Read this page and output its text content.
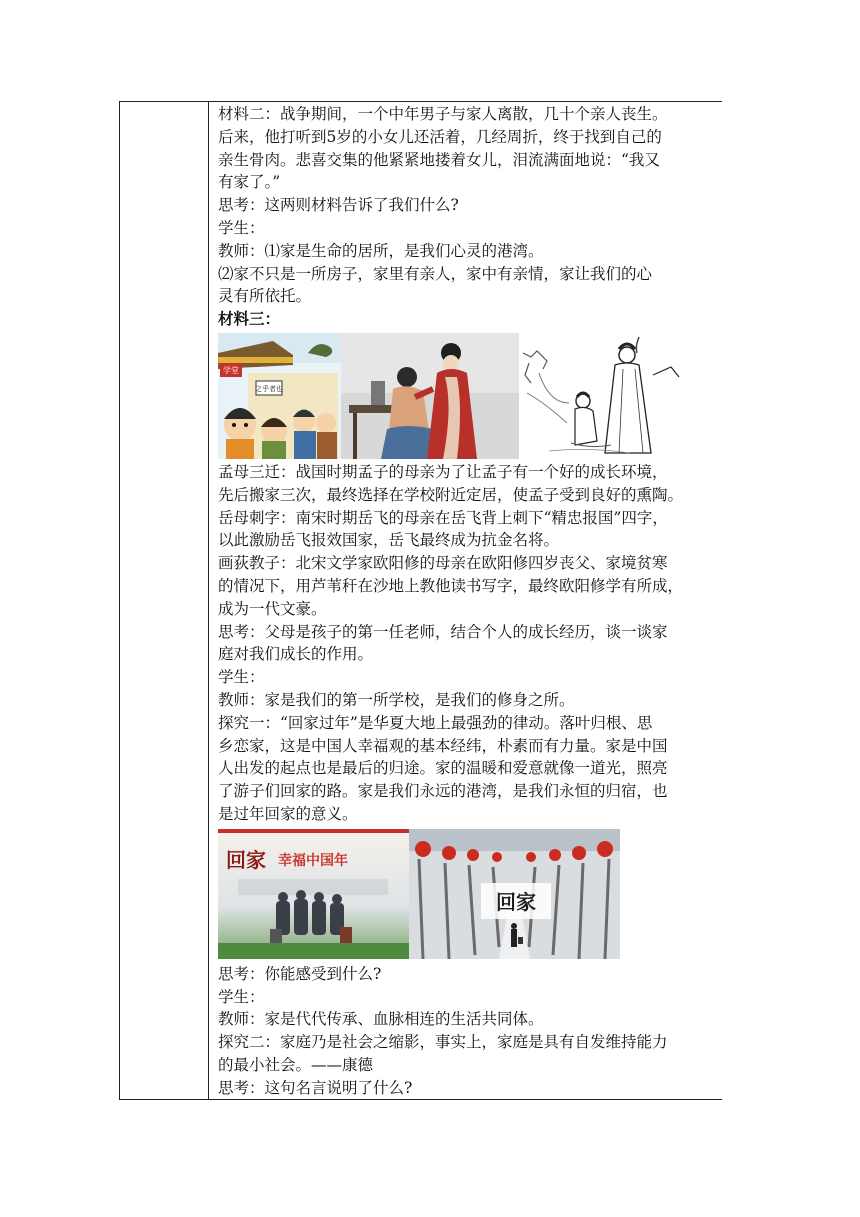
材料二：战争期间，一个中年男子与家人离散，几十个亲人丧生。

后来，他打听到5岁的小女儿还活着，几经周折，终于找到自己的

亲生骨肉。悲喜交集的他紧紧地搂着女儿，泪流满面地说：“我又

有家了。”

思考：这两则材料告诉了我们什么?

学生：

教师：⑴家是生命的居所，是我们心灵的港湾。

⑵家不只是一所房子，家里有亲人，家中有亲情，家让我们的心

灵有所依托。

材料三：

学堂
之乎者也

孟母三迁：战国时期孟子的母亲为了让孟子有一个好的成长环境，

先后搬家三次，最终选择在学校附近定居，使孟子受到良好的熏陶。

岳母刺字：南宋时期岳飞的母亲在岳飞背上刺下“精忠报国”四字，

以此激励岳飞报效国家，岳飞最终成为抗金名将。

画荻教子：北宋文学家欧阳修的母亲在欧阳修四岁丧父、家境贫寒

的情况下，用芦苇秆在沙地上教他读书写字，最终欧阳修学有所成，

成为一代文豪。

思考：父母是孩子的第一任老师，结合个人的成长经历，谈一谈家

庭对我们成长的作用。

学生：

教师：家是我们的第一所学校，是我们的修身之所。

探究一：“回家过年”是华夏大地上最强劲的律动。落叶归根、思

乡恋家，这是中国人幸福观的基本经纬，朴素而有力量。家是中国

人出发的起点也是最后的归途。家的温暖和爱意就像一道光，照亮

了游子们回家的路。家是我们永远的港湾，是我们永恒的归宿，也

是过年回家的意义。

回家 幸福中国年
回家

思考：你能感受到什么?

学生：

教师：家是代代传承、血脉相连的生活共同体。

探究二：家庭乃是社会之缩影，事实上，家庭是具有自发维持能力

的最小社会。——康德

思考：这句名言说明了什么?
